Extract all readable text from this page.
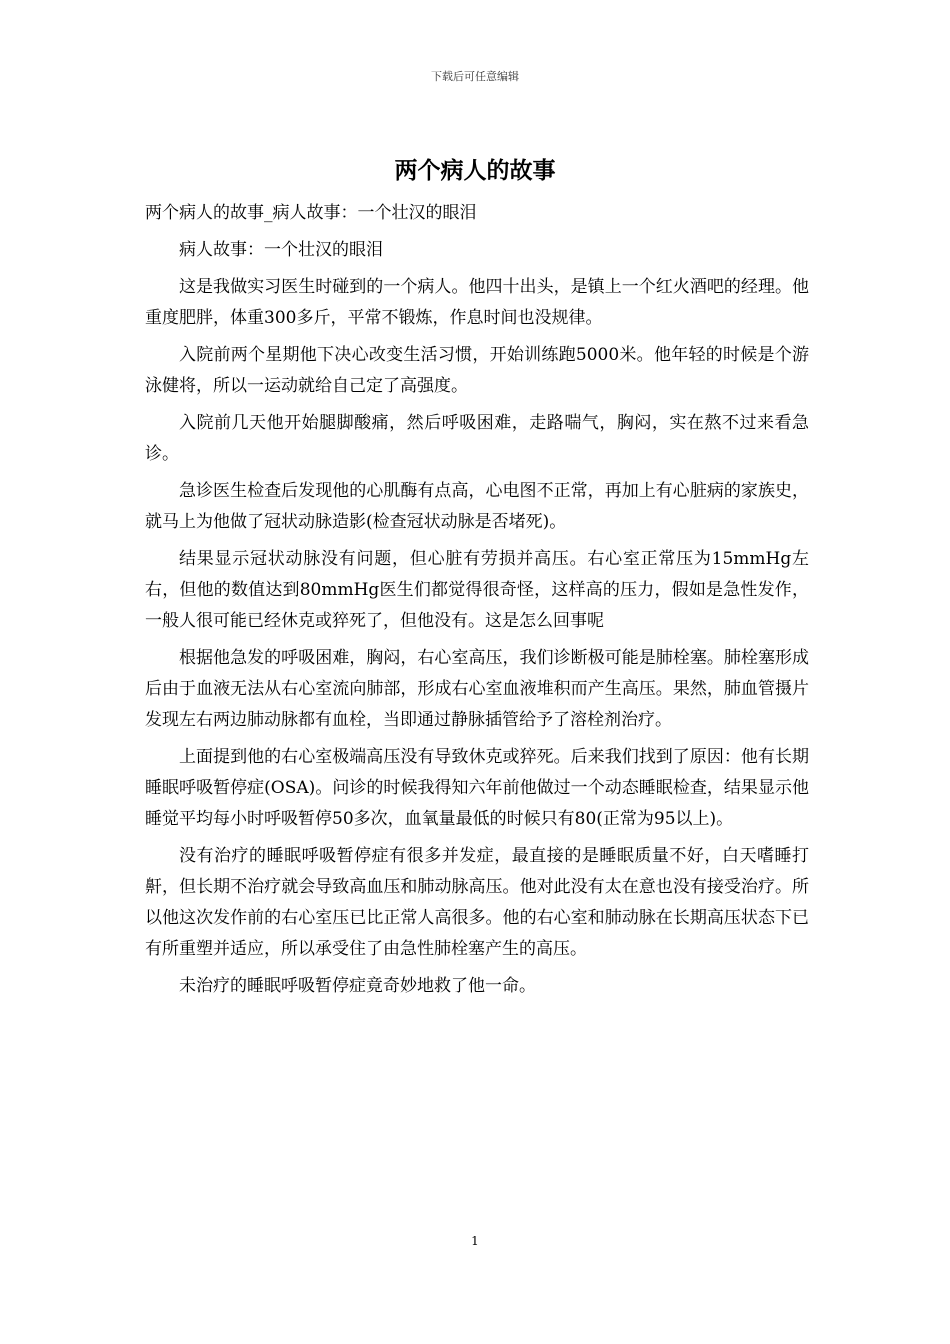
下载后可任意编辑
两个病人的故事

两个病人的故事_病人故事：一个壮汉的眼泪

病人故事：一个壮汉的眼泪

这是我做实习医生时碰到的一个病人。他四十出头，是镇上一个红火酒吧的经理。他重度肥胖，体重300多斤，平常不锻炼，作息时间也没规律。

入院前两个星期他下决心改变生活习惯，开始训练跑5000米。他年轻的时候是个游泳健将，所以一运动就给自己定了高强度。

入院前几天他开始腿脚酸痛，然后呼吸困难，走路喘气，胸闷，实在熬不过来看急诊。

急诊医生检查后发现他的心肌酶有点高，心电图不正常，再加上有心脏病的家族史，就马上为他做了冠状动脉造影(检查冠状动脉是否堵死)。

结果显示冠状动脉没有问题，但心脏有劳损并高压。右心室正常压为15mmHg左右，但他的数值达到80mmHg医生们都觉得很奇怪，这样高的压力，假如是急性发作，一般人很可能已经休克或猝死了，但他没有。这是怎么回事呢

根据他急发的呼吸困难，胸闷，右心室高压，我们诊断极可能是肺栓塞。肺栓塞形成后由于血液无法从右心室流向肺部，形成右心室血液堆积而产生高压。果然，肺血管摄片发现左右两边肺动脉都有血栓，当即通过静脉插管给予了溶栓剂治疗。

上面提到他的右心室极端高压没有导致休克或猝死。后来我们找到了原因：他有长期睡眠呼吸暂停症(OSA)。问诊的时候我得知六年前他做过一个动态睡眠检查，结果显示他睡觉平均每小时呼吸暂停50多次，血氧量最低的时候只有80(正常为95以上)。

没有治疗的睡眠呼吸暂停症有很多并发症，最直接的是睡眠质量不好，白天嗜睡打鼾，但长期不治疗就会导致高血压和肺动脉高压。他对此没有太在意也没有接受治疗。所以他这次发作前的右心室压已比正常人高很多。他的右心室和肺动脉在长期高压状态下已有所重塑并适应，所以承受住了由急性肺栓塞产生的高压。

未治疗的睡眠呼吸暂停症竟奇妙地救了他一命。

1
